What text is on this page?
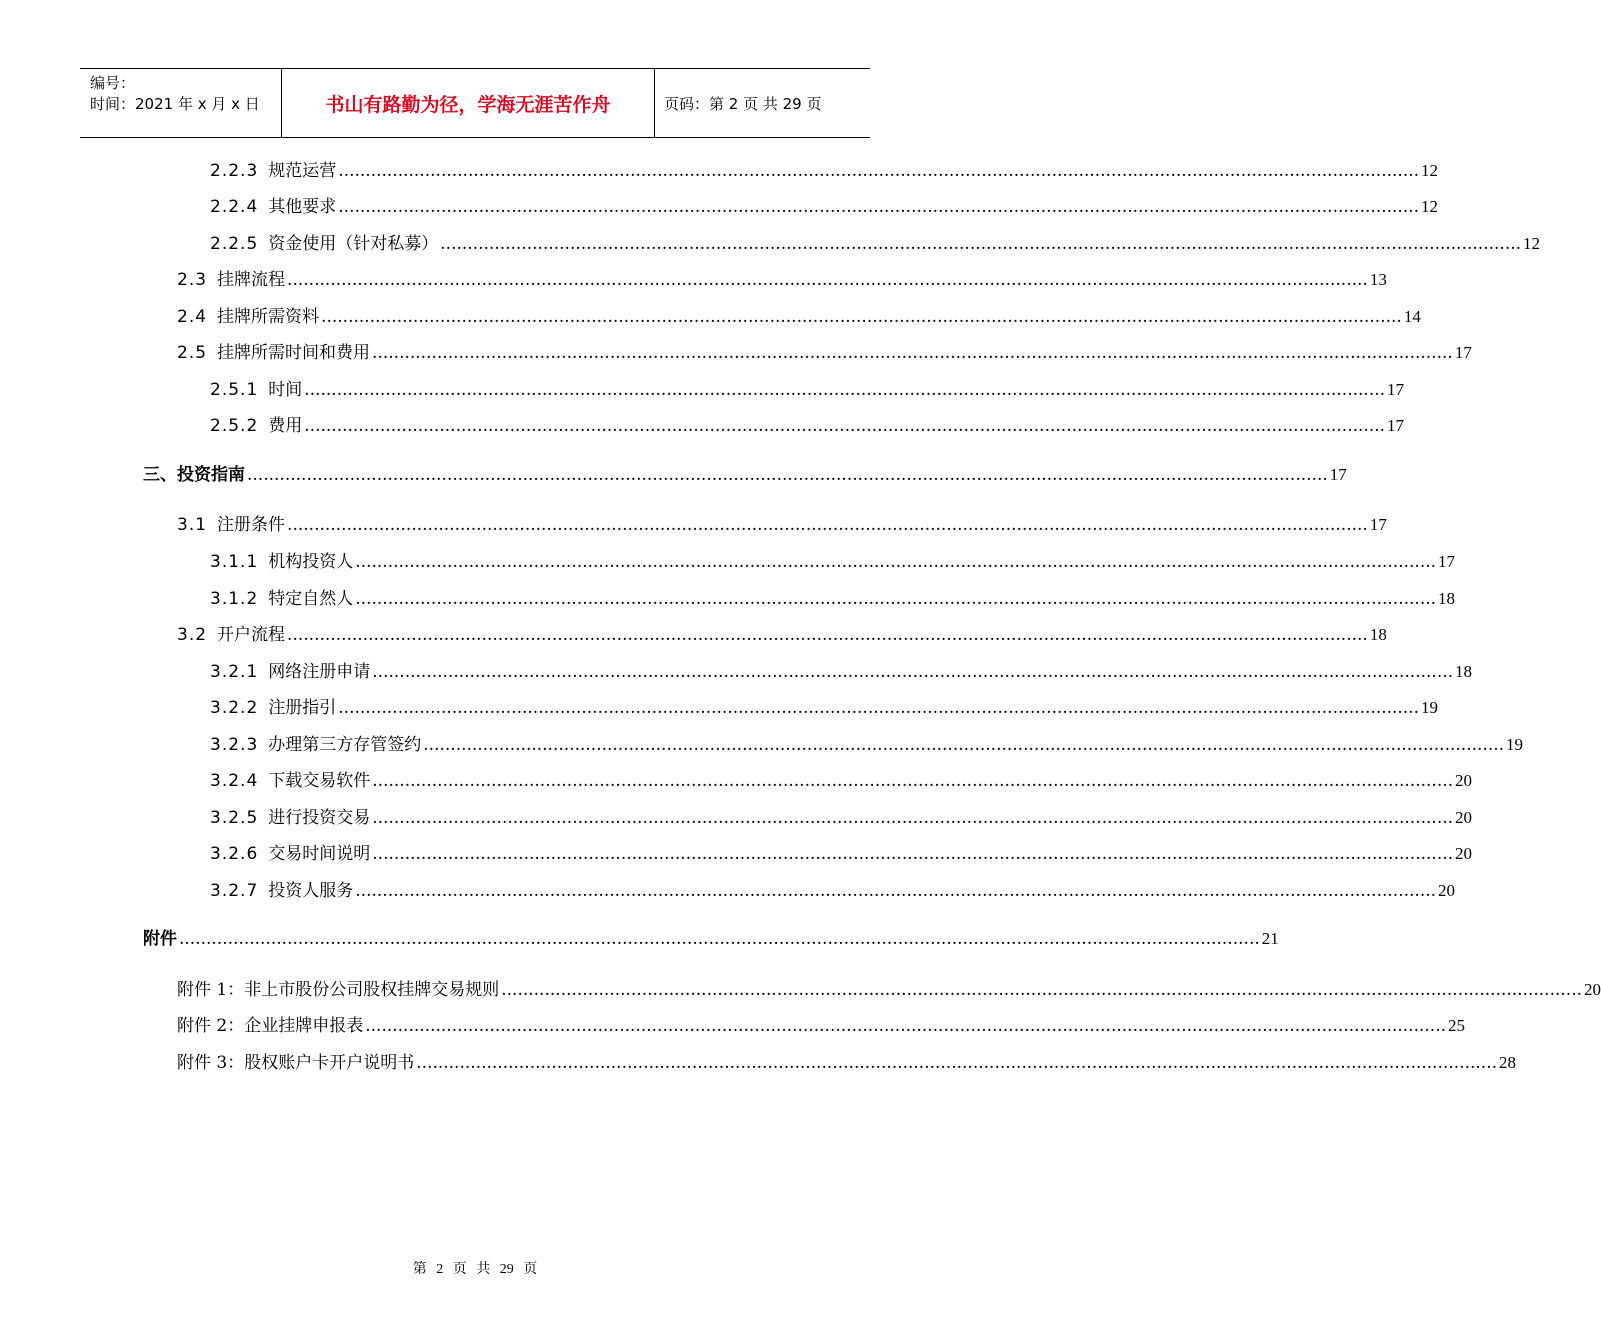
编号：
时间：2021 年 x 月 x 日	书山有路勤为径，学海无涯苦作舟	页码：第 2 页 共 29 页
2.2.3 规范运营 ........................................................................................................................................................................................................ 12
2.2.4 其他要求 ........................................................................................................................................................................................................ 12
2.2.5 资金使用（针对私募） ........................................................................................................................................................................................................ 12
2.3 挂牌流程 ........................................................................................................................................................................................................ 13
2.4 挂牌所需资料 ........................................................................................................................................................................................................ 14
2.5 挂牌所需时间和费用 ........................................................................................................................................................................................................ 17
2.5.1 时间 ........................................................................................................................................................................................................ 17
2.5.2 费用 ........................................................................................................................................................................................................ 17
三、投资指南 ........................................................................................................................................................................................................ 17
3.1 注册条件 ........................................................................................................................................................................................................ 17
3.1.1 机构投资人 ........................................................................................................................................................................................................ 17
3.1.2 特定自然人 ........................................................................................................................................................................................................ 18
3.2 开户流程 ........................................................................................................................................................................................................ 18
3.2.1 网络注册申请 ........................................................................................................................................................................................................ 18
3.2.2 注册指引 ........................................................................................................................................................................................................ 19
3.2.3 办理第三方存管签约 ........................................................................................................................................................................................................ 19
3.2.4 下载交易软件 ........................................................................................................................................................................................................ 20
3.2.5 进行投资交易 ........................................................................................................................................................................................................ 20
3.2.6 交易时间说明 ........................................................................................................................................................................................................ 20
3.2.7 投资人服务 ........................................................................................................................................................................................................ 20
附件 ........................................................................................................................................................................................................ 21
附件 1：非上市股份公司股权挂牌交易规则 ........................................................................................................................................................................................................ 20
附件 2：企业挂牌申报表 ........................................................................................................................................................................................................ 25
附件 3：股权账户卡开户说明书 ........................................................................................................................................................................................................ 28
第 2 页 共 29 页
